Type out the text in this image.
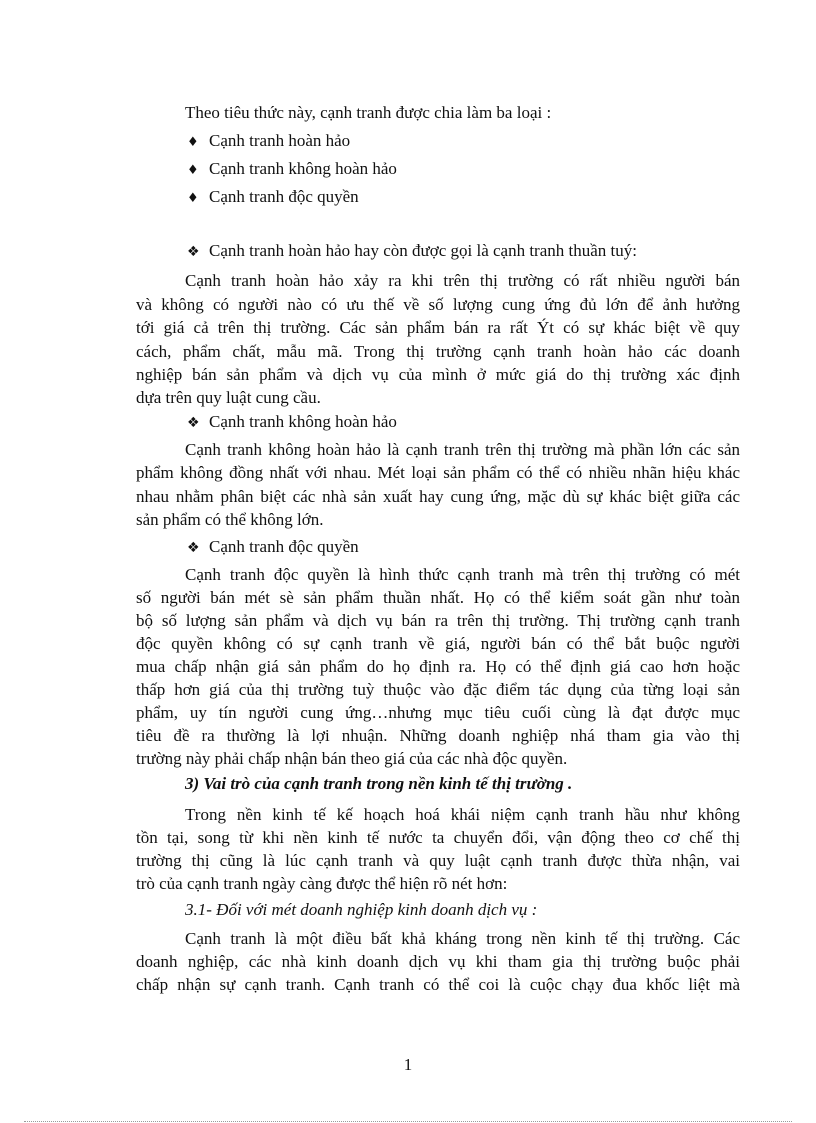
Theo tiêu thức này, cạnh tranh được chia làm ba loại :
♦ Cạnh tranh hoàn hảo
♦ Cạnh tranh không hoàn hảo
♦ Cạnh tranh độc quyền
❖ Cạnh tranh hoàn hảo hay còn được gọi là cạnh tranh thuần tuý:
Cạnh tranh hoàn hảo xảy ra khi trên thị trường có rất nhiều người bán
và không có người nào có ưu thế về số lượng cung ứng đủ lớn để ảnh hưởng
tới giá cả trên thị trường. Các sản phẩm bán ra rất Ýt có sự khác biệt về quy
cách, phẩm chất, mẫu mã. Trong thị trường cạnh tranh hoàn hảo các doanh
nghiệp bán sản phẩm và dịch vụ của mình ở mức giá do thị trường xác định
dựa trên quy luật cung cầu.
❖ Cạnh tranh không hoàn hảo
Cạnh tranh không hoàn hảo là cạnh tranh trên thị trường mà phần lớn các sản
phẩm không đồng nhất với nhau. Mét loại sản phẩm có thể có nhiều nhãn hiệu khác
nhau nhằm phân biệt các nhà sản xuất hay cung ứng, mặc dù sự khác biệt giữa các
sản phẩm có thể không lớn.
❖ Cạnh tranh độc quyền
Cạnh tranh độc quyền là hình thức cạnh tranh mà trên thị trường có mét
số người bán mét sè sản phẩm thuần nhất. Họ có thể kiểm soát gần như toàn
bộ số lượng sản phẩm và dịch vụ bán ra trên thị trường. Thị trường cạnh tranh
độc quyền không có sự cạnh tranh về giá, người bán có thể bắt buộc người
mua chấp nhận giá sản phẩm do họ định ra. Họ có thể định giá cao hơn hoặc
thấp hơn giá của thị trường tuỳ thuộc vào đặc điểm tác dụng của từng loại sản
phẩm, uy tín người cung ứng…nhưng mục tiêu cuối cùng là đạt được mục
tiêu đề ra thường là lợi nhuận. Những doanh nghiệp nhá tham gia vào thị
trường này phải chấp nhận bán theo giá của các nhà độc quyền.
3) Vai trò của cạnh tranh trong nền kinh tế thị trường .
Trong nền kinh tế kế hoạch hoá khái niệm cạnh tranh hầu như không
tồn tại, song từ khi nền kinh tế nước ta chuyển đổi, vận động theo cơ chế thị
trường thị cũng là lúc cạnh tranh và quy luật cạnh tranh được thừa nhận, vai
trò của cạnh tranh ngày càng được thể hiện rõ nét hơn:
3.1- Đối với mét doanh nghiệp kinh doanh dịch vụ :
Cạnh tranh là một điều bất khả kháng trong nền kinh tế thị trường. Các
doanh nghiệp, các nhà kinh doanh dịch vụ khi tham gia thị trường buộc phải
chấp nhận sự cạnh tranh. Cạnh tranh có thể coi là cuộc chạy đua khốc liệt mà
1
